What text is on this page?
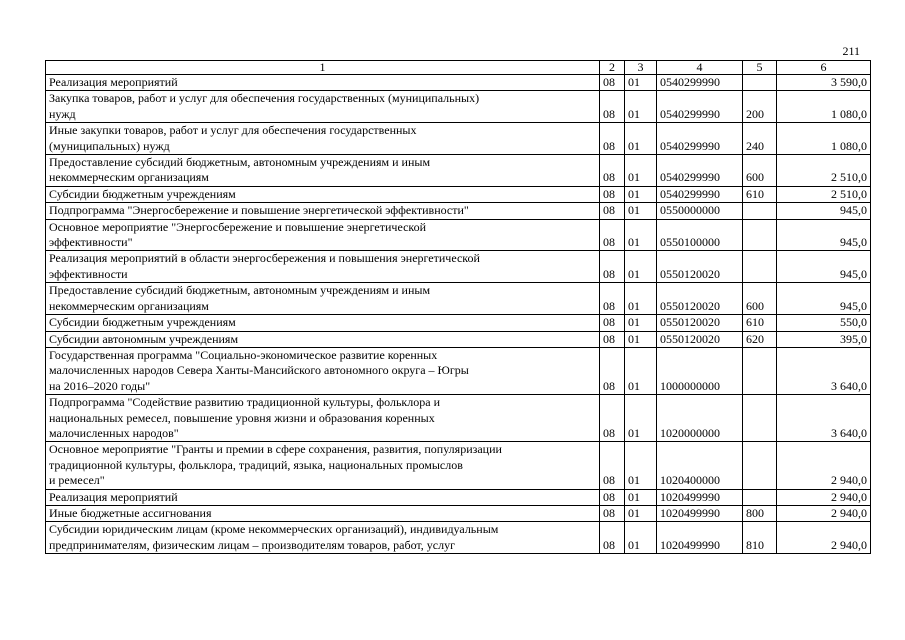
211
1	2	3	4	5	6
Реализация мероприятий	08	01	0540299990		3 590,0
Закупка товаров, работ и услуг для обеспечения государственных (муниципальных)
нужд	08	01	0540299990	200	1 080,0
Иные закупки товаров, работ и услуг для обеспечения государственных
(муниципальных) нужд	08	01	0540299990	240	1 080,0
Предоставление субсидий бюджетным, автономным учреждениям и иным
некоммерческим организациям	08	01	0540299990	600	2 510,0
Субсидии бюджетным учреждениям	08	01	0540299990	610	2 510,0
Подпрограмма "Энергосбережение и повышение энергетической эффективности"	08	01	0550000000		945,0
Основное мероприятие "Энергосбережение и повышение энергетической
эффективности"	08	01	0550100000		945,0
Реализация мероприятий в области энергосбережения и повышения энергетической
эффективности	08	01	0550120020		945,0
Предоставление субсидий бюджетным, автономным учреждениям и иным
некоммерческим организациям	08	01	0550120020	600	945,0
Субсидии бюджетным учреждениям	08	01	0550120020	610	550,0
Субсидии автономным учреждениям	08	01	0550120020	620	395,0
Государственная программа "Социально-экономическое развитие коренных
малочисленных народов Севера Ханты-Мансийского автономного округа – Югры
на 2016–2020 годы"	08	01	1000000000		3 640,0
Подпрограмма "Содействие развитию традиционной культуры, фольклора и
национальных ремесел, повышение уровня жизни и образования коренных
малочисленных народов"	08	01	1020000000		3 640,0
Основное мероприятие "Гранты и премии в сфере сохранения, развития, популяризации
традиционной культуры, фольклора, традиций, языка, национальных промыслов
и ремесел"	08	01	1020400000		2 940,0
Реализация мероприятий	08	01	1020499990		2 940,0
Иные бюджетные ассигнования	08	01	1020499990	800	2 940,0
Субсидии юридическим лицам (кроме некоммерческих организаций), индивидуальным
предпринимателям, физическим лицам – производителям товаров, работ, услуг	08	01	1020499990	810	2 940,0
